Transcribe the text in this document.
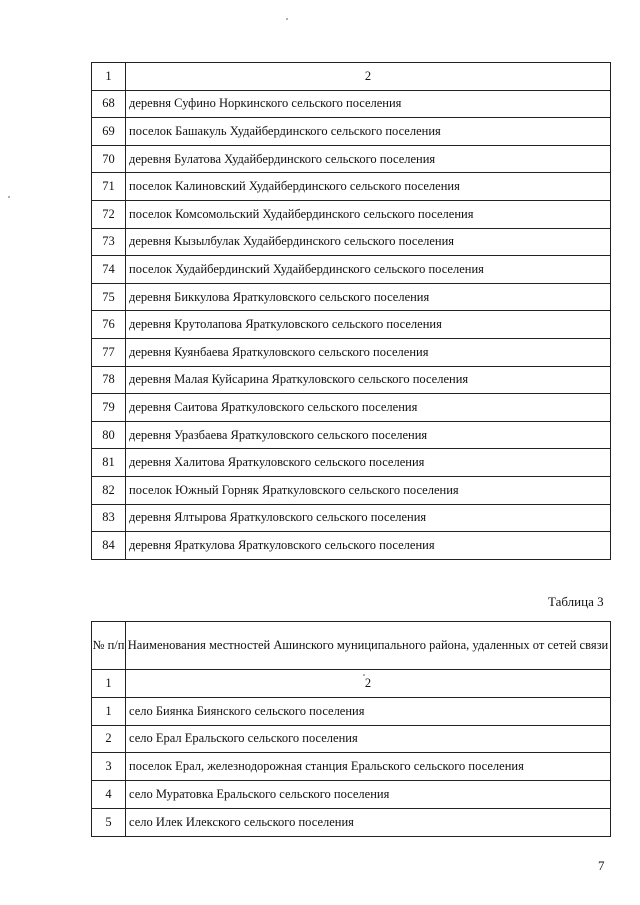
1	2
68	деревня Суфино Норкинского сельского поселения
69	поселок Башакуль Худайбердинского сельского поселения
70	деревня Булатова Худайбердинского сельского поселения
71	поселок Калиновский Худайбердинского сельского поселения
72	поселок Комсомольский Худайбердинского сельского поселения
73	деревня Кызылбулак Худайбердинского сельского поселения
74	поселок Худайбердинский Худайбердинского сельского поселения
75	деревня Биккулова Яраткуловского сельского поселения
76	деревня Крутолапова Яраткуловского сельского поселения
77	деревня Куянбаева Яраткуловского сельского поселения
78	деревня Малая Куйсарина Яраткуловского сельского поселения
79	деревня Саитова Яраткуловского сельского поселения
80	деревня Уразбаева Яраткуловского сельского поселения
81	деревня Халитова Яраткуловского сельского поселения
82	поселок Южный Горняк Яраткуловского сельского поселения
83	деревня Ялтырова Яраткуловского сельского поселения
84	деревня Яраткулова Яраткуловского сельского поселения
Таблица 3
№ п/п	Наименования местностей Ашинского муниципального района, удаленных от сетей связи
1	2
1	село Биянка Биянского сельского поселения
2	село Ерал Еральского сельского поселения
3	поселок Ерал, железнодорожная станция Еральского сельского поселения
4	село Муратовка Еральского сельского поселения
5	село Илек Илекского сельского поселения
7
